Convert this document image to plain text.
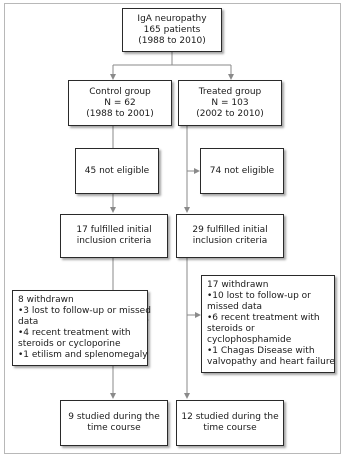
IgA neuropathy
165 patients
(1988 to 2010)
Control group
N = 62
(1988 to 2001)
Treated group
N = 103
(2002 to 2010)
45 not eligible	74 not eligible
17 fulfilled initial
inclusion criteria
29 fulfilled initial
inclusion criteria
8 withdrawn
•3 lost to follow-up or missed
data
•4 recent treatment with
steroids or cycloporine
•1 etilism and splenomegaly
17 withdrawn
•10 lost to follow-up or
missed data
•6 recent treatment with
steroids or
cyclophosphamide
•1 Chagas Disease with
valvopathy and heart failure
9 studied during the
time course
12 studied during the
time course
